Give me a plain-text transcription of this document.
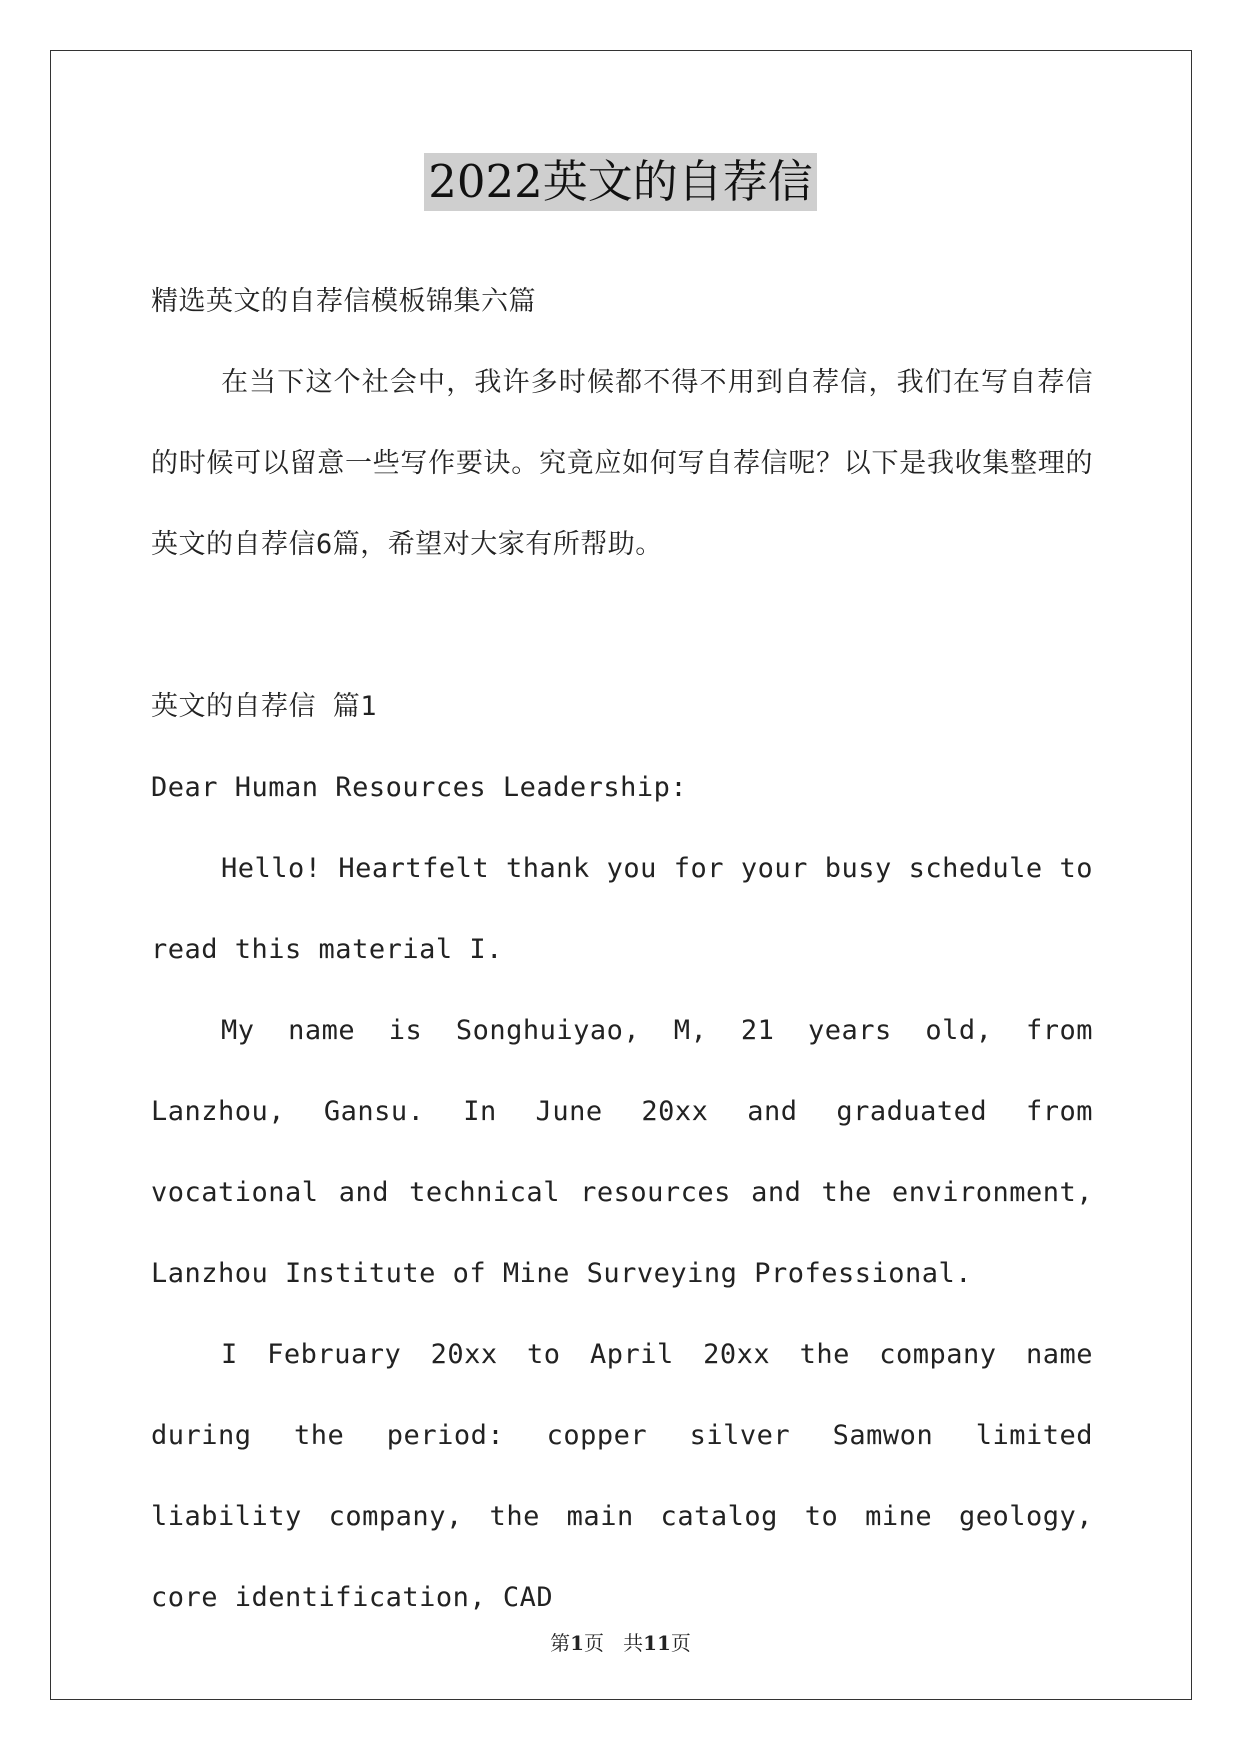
2022英文的自荐信

精选英文的自荐信模板锦集六篇

在当下这个社会中，我许多时候都不得不用到自荐信，我们在写自荐信的时候可以留意一些写作要诀。究竟应如何写自荐信呢？以下是我收集整理的英文的自荐信6篇，希望对大家有所帮助。

英文的自荐信 篇1

Dear Human Resources Leadership:

Hello! Heartfelt thank you for your busy schedule to read this material I.

My name is Songhuiyao, M, 21 years old, from Lanzhou, Gansu. In June 20xx and graduated from vocational and technical resources and the environment, Lanzhou Institute of Mine Surveying Professional.

I February 20xx to April 20xx the company name during the period: copper silver Samwon limited liability company, the main catalog to mine geology, core identification, CAD

第1页 共11页
